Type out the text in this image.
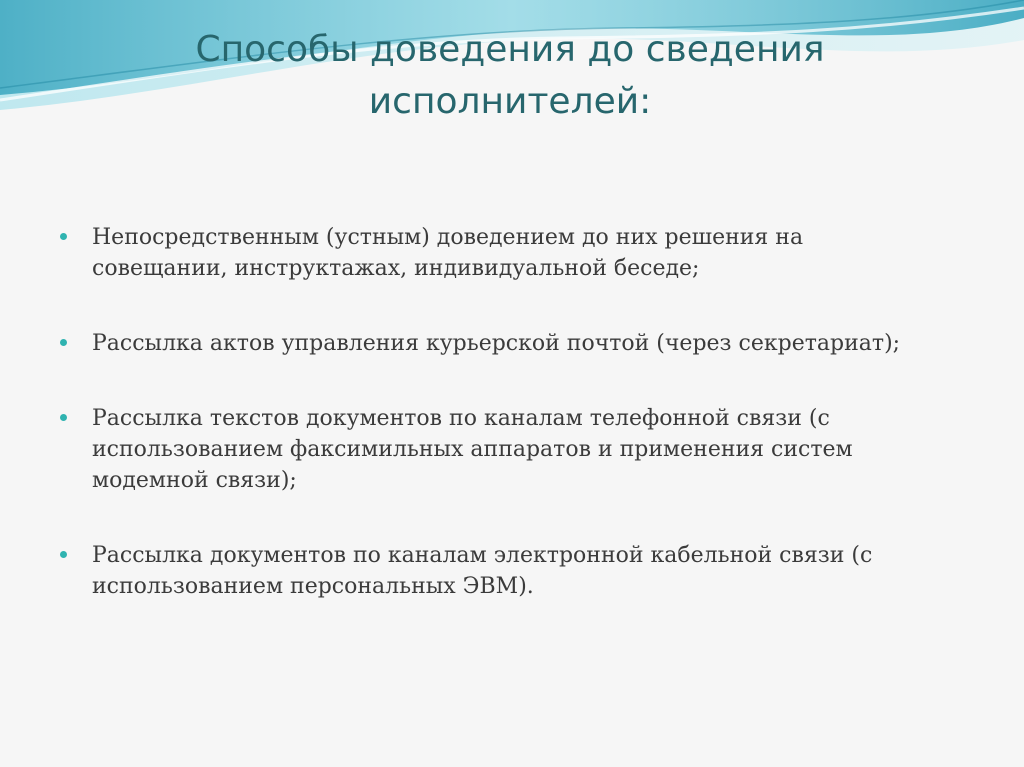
Способы доведения до сведения
исполнителей:
Непосредственным (устным) доведением до них решения на
совещании, инструктажах, индивидуальной беседе;
Рассылка актов управления курьерской почтой (через секретариат);
Рассылка текстов документов по каналам телефонной связи (с
использованием факсимильных аппаратов и применения систем
модемной связи);
Рассылка документов по каналам электронной кабельной связи (с
использованием персональных ЭВМ).
